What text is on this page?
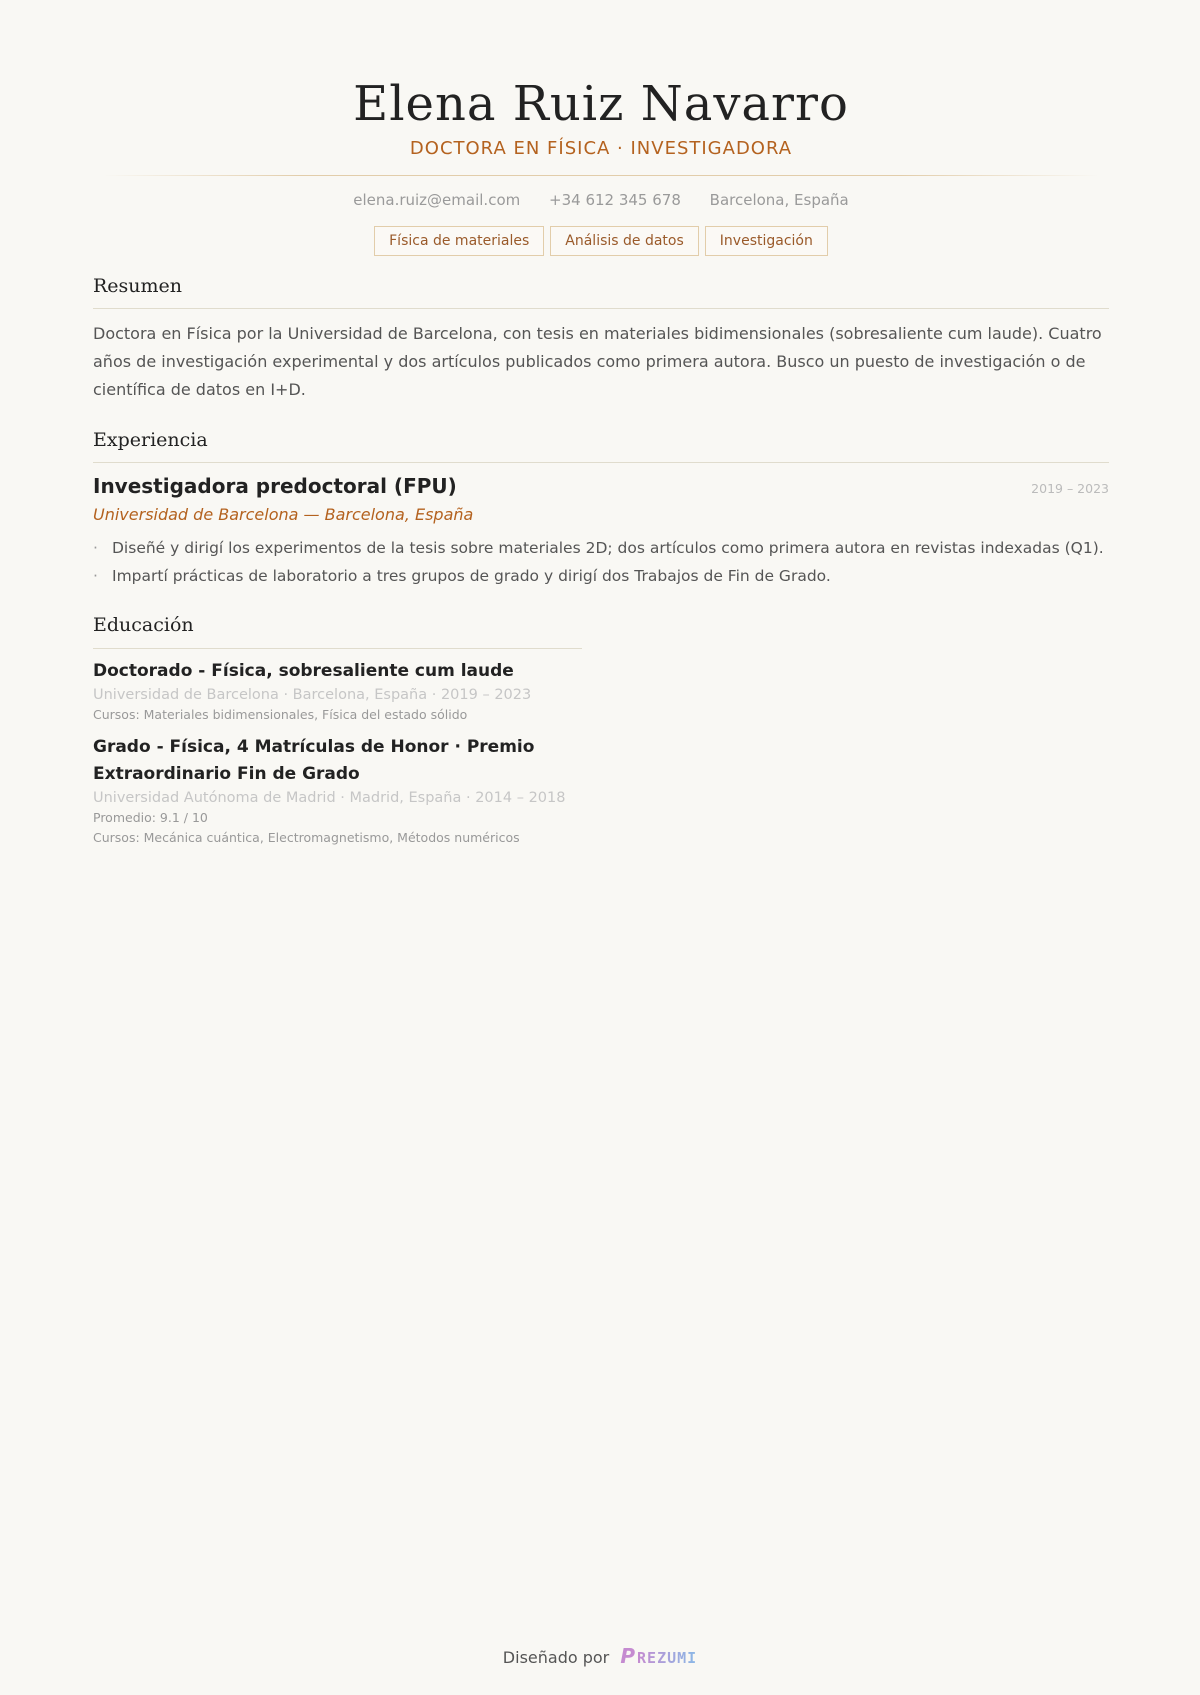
Elena Ruiz Navarro
DOCTORA EN FÍSICA · INVESTIGADORA
elena.ruiz@email.com +34 612 345 678 Barcelona, España
Física de materiales	Análisis de datos	Investigación
Resumen
Doctora en Física por la Universidad de Barcelona, con tesis en materiales bidimensionales (sobresaliente cum laude). Cuatro años de investigación experimental y dos artículos publicados como primera autora. Busco un puesto de investigación o de científica de datos en I+D.
Experiencia
Investigadora predoctoral (FPU)	2019 – 2023
Universidad de Barcelona — Barcelona, España
· Diseñé y dirigí los experimentos de la tesis sobre materiales 2D; dos artículos como primera autora en revistas indexadas (Q1).
· Impartí prácticas de laboratorio a tres grupos de grado y dirigí dos Trabajos de Fin de Grado.
Educación
Doctorado - Física, sobresaliente cum laude
Universidad de Barcelona · Barcelona, España · 2019 – 2023
Cursos: Materiales bidimensionales, Física del estado sólido
Grado - Física, 4 Matrículas de Honor · Premio Extraordinario Fin de Grado
Universidad Autónoma de Madrid · Madrid, España · 2014 – 2018
Promedio: 9.1 / 10
Cursos: Mecánica cuántica, Electromagnetismo, Métodos numéricos
Diseñado por P REZUMI
